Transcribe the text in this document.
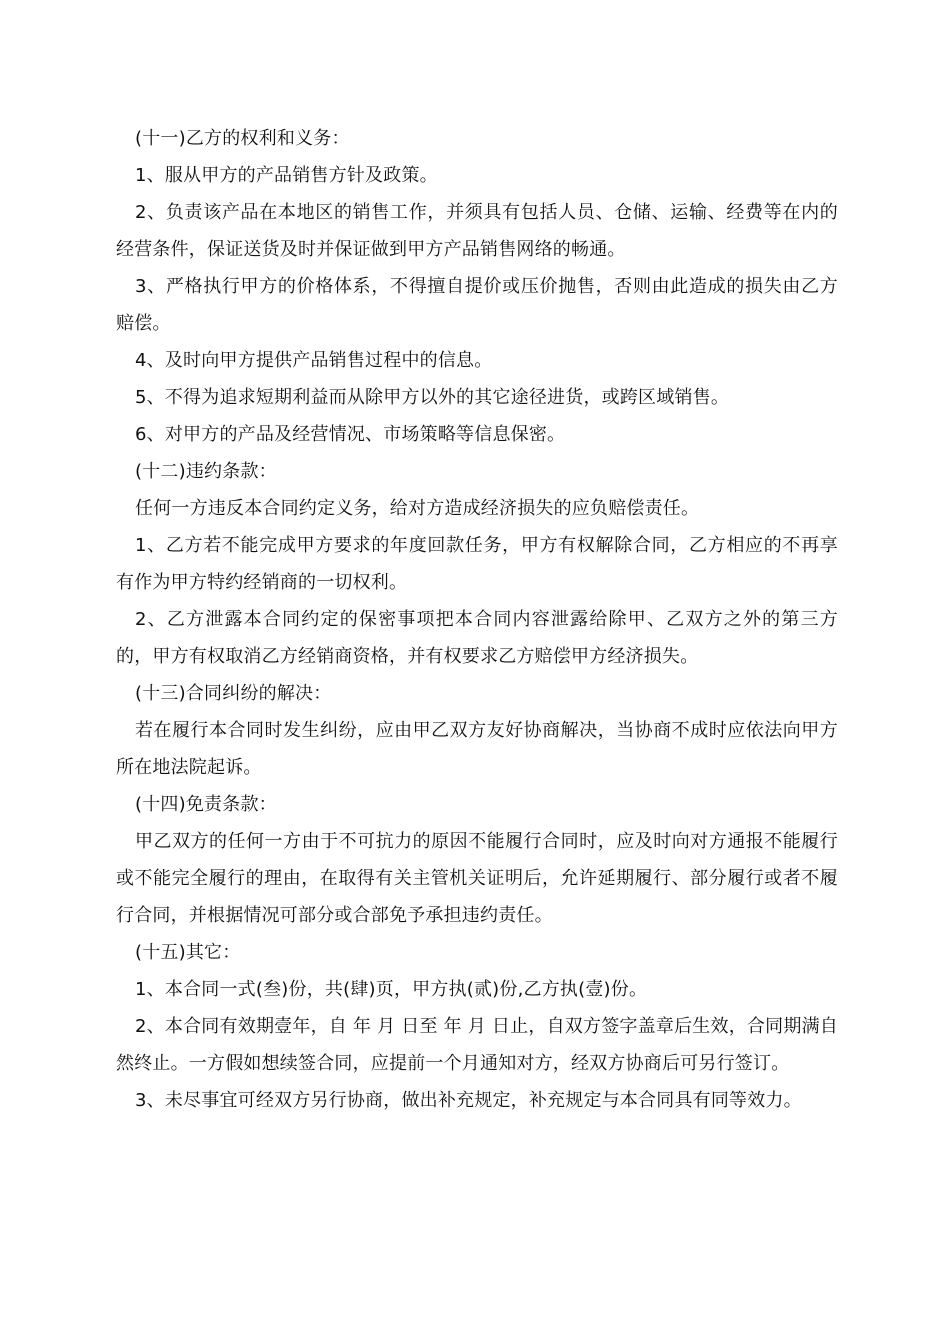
(十一)乙方的权利和义务：

1、服从甲方的产品销售方针及政策。

2、负责该产品在本地区的销售工作，并须具有包括人员、仓储、运输、经费等在内的经营条件，保证送货及时并保证做到甲方产品销售网络的畅通。

3、严格执行甲方的价格体系，不得擅自提价或压价抛售，否则由此造成的损失由乙方赔偿。

4、及时向甲方提供产品销售过程中的信息。

5、不得为追求短期利益而从除甲方以外的其它途径进货，或跨区域销售。

6、对甲方的产品及经营情况、市场策略等信息保密。

(十二)违约条款：

任何一方违反本合同约定义务，给对方造成经济损失的应负赔偿责任。

1、乙方若不能完成甲方要求的年度回款任务，甲方有权解除合同，乙方相应的不再享有作为甲方特约经销商的一切权利。

2、乙方泄露本合同约定的保密事项把本合同内容泄露给除甲、乙双方之外的第三方的，甲方有权取消乙方经销商资格，并有权要求乙方赔偿甲方经济损失。

(十三)合同纠纷的解决：

若在履行本合同时发生纠纷，应由甲乙双方友好协商解决，当协商不成时应依法向甲方所在地法院起诉。

(十四)免责条款：

甲乙双方的任何一方由于不可抗力的原因不能履行合同时，应及时向对方通报不能履行或不能完全履行的理由，在取得有关主管机关证明后，允许延期履行、部分履行或者不履行合同，并根据情况可部分或合部免予承担违约责任。

(十五)其它：

1、本合同一式(叁)份，共(肆)页，甲方执(贰)份,乙方执(壹)份。

2、本合同有效期壹年，自 年 月 日至 年 月 日止，自双方签字盖章后生效，合同期满自然终止。一方假如想续签合同，应提前一个月通知对方，经双方协商后可另行签订。

3、未尽事宜可经双方另行协商，做出补充规定，补充规定与本合同具有同等效力。
